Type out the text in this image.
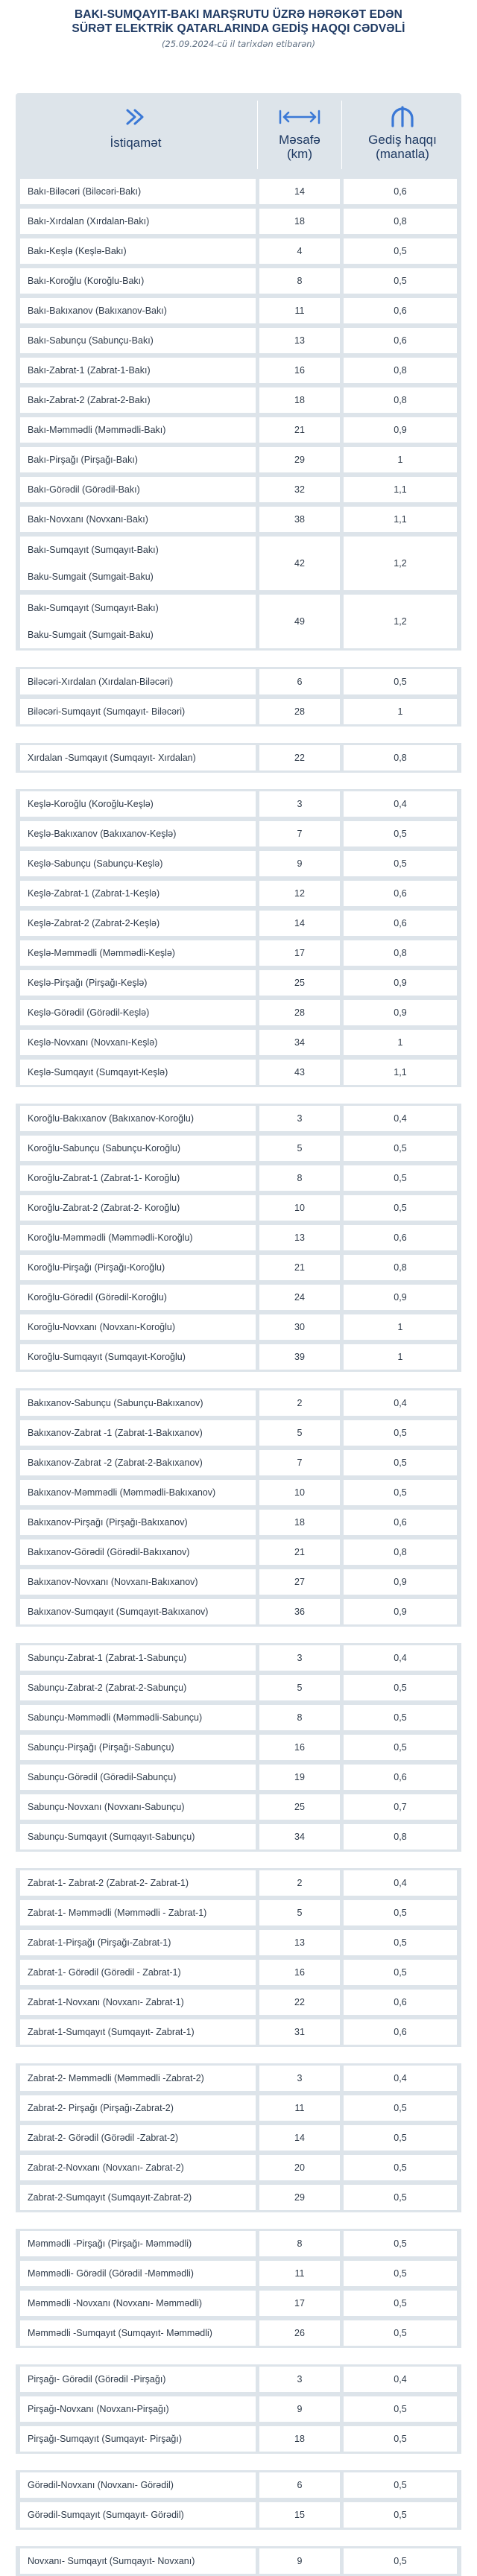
BAKI-SUMQAYIT-BAKI MARŞRUTU ÜZRƏ HƏRƏKƏT EDƏN
SÜRƏT ELEKTRİK QATARLARINDA GEDİŞ HAQQI CƏDVƏLİ
(25.09.2024-cü il tarixdən etibarən)
İstiqamət	Məsafə
(km)
Gediş haqqı
(manatla)
Bakı-Biləcəri (Biləcəri-Bakı)	14	0,6
Bakı-Xırdalan (Xırdalan-Bakı)	18	0,8
Bakı-Keşlə (Keşlə-Bakı)	4	0,5
Bakı-Koroğlu (Koroğlu-Bakı)	8	0,5
Bakı-Bakıxanov (Bakıxanov-Bakı)	11	0,6
Bakı-Sabunçu (Sabunçu-Bakı)	13	0,6
Bakı-Zabrat-1 (Zabrat-1-Bakı)	16	0,8
Bakı-Zabrat-2 (Zabrat-2-Bakı)	18	0,8
Bakı-Məmmədli (Məmmədli-Bakı)	21	0,9
Bakı-Pirşağı (Pirşağı-Bakı)	29	1
Bakı-Görədil (Görədil-Bakı)	32	1,1
Bakı-Novxanı (Novxanı-Bakı)	38	1,1
Bakı-Sumqayıt (Sumqayıt-Bakı)
Baku-Sumgait (Sumgait-Baku)
42	1,2
Bakı-Sumqayıt (Sumqayıt-Bakı)
Baku-Sumgait (Sumgait-Baku)
49	1,2
Biləcəri-Xırdalan (Xırdalan-Biləcəri)	6	0,5
Biləcəri-Sumqayıt (Sumqayıt- Biləcəri)	28	1
Xırdalan -Sumqayıt (Sumqayıt- Xırdalan)	22	0,8
Keşlə-Koroğlu (Koroğlu-Keşlə)	3	0,4
Keşlə-Bakıxanov (Bakıxanov-Keşlə)	7	0,5
Keşlə-Sabunçu (Sabunçu-Keşlə)	9	0,5
Keşlə-Zabrat-1 (Zabrat-1-Keşlə)	12	0,6
Keşlə-Zabrat-2 (Zabrat-2-Keşlə)	14	0,6
Keşlə-Məmmədli (Məmmədli-Keşlə)	17	0,8
Keşlə-Pirşağı (Pirşağı-Keşlə)	25	0,9
Keşlə-Görədil (Görədil-Keşlə)	28	0,9
Keşlə-Novxanı (Novxanı-Keşlə)	34	1
Keşlə-Sumqayıt (Sumqayıt-Keşlə)	43	1,1
Koroğlu-Bakıxanov (Bakıxanov-Koroğlu)	3	0,4
Koroğlu-Sabunçu (Sabunçu-Koroğlu)	5	0,5
Koroğlu-Zabrat-1 (Zabrat-1- Koroğlu)	8	0,5
Koroğlu-Zabrat-2 (Zabrat-2- Koroğlu)	10	0,5
Koroğlu-Məmmədli (Məmmədli-Koroğlu)	13	0,6
Koroğlu-Pirşağı (Pirşağı-Koroğlu)	21	0,8
Koroğlu-Görədil (Görədil-Koroğlu)	24	0,9
Koroğlu-Novxanı (Novxanı-Koroğlu)	30	1
Koroğlu-Sumqayıt (Sumqayıt-Koroğlu)	39	1
Bakıxanov-Sabunçu (Sabunçu-Bakıxanov)	2	0,4
Bakıxanov-Zabrat -1 (Zabrat-1-Bakıxanov)	5	0,5
Bakıxanov-Zabrat -2 (Zabrat-2-Bakıxanov)	7	0,5
Bakıxanov-Məmmədli (Məmmədli-Bakıxanov)	10	0,5
Bakıxanov-Pirşağı (Pirşağı-Bakıxanov)	18	0,6
Bakıxanov-Görədil (Görədil-Bakıxanov)	21	0,8
Bakıxanov-Novxanı (Novxanı-Bakıxanov)	27	0,9
Bakıxanov-Sumqayıt (Sumqayıt-Bakıxanov)	36	0,9
Sabunçu-Zabrat-1 (Zabrat-1-Sabunçu)	3	0,4
Sabunçu-Zabrat-2 (Zabrat-2-Sabunçu)	5	0,5
Sabunçu-Məmmədli (Məmmədli-Sabunçu)	8	0,5
Sabunçu-Pirşağı (Pirşağı-Sabunçu)	16	0,5
Sabunçu-Görədil (Görədil-Sabunçu)	19	0,6
Sabunçu-Novxanı (Novxanı-Sabunçu)	25	0,7
Sabunçu-Sumqayıt (Sumqayıt-Sabunçu)	34	0,8
Zabrat-1- Zabrat-2 (Zabrat-2- Zabrat-1)	2	0,4
Zabrat-1- Məmmədli (Məmmədli - Zabrat-1)	5	0,5
Zabrat-1-Pirşağı (Pirşağı-Zabrat-1)	13	0,5
Zabrat-1- Görədil (Görədil - Zabrat-1)	16	0,5
Zabrat-1-Novxanı (Novxanı- Zabrat-1)	22	0,6
Zabrat-1-Sumqayıt (Sumqayıt- Zabrat-1)	31	0,6
Zabrat-2- Məmmədli (Məmmədli -Zabrat-2)	3	0,4
Zabrat-2- Pirşağı (Pirşağı-Zabrat-2)	11	0,5
Zabrat-2- Görədil (Görədil -Zabrat-2)	14	0,5
Zabrat-2-Novxanı (Novxanı- Zabrat-2)	20	0,5
Zabrat-2-Sumqayıt (Sumqayıt-Zabrat-2)	29	0,5
Məmmədli -Pirşağı (Pirşağı- Məmmədli)	8	0,5
Məmmədli- Görədil (Görədil -Məmmədli)	11	0,5
Məmmədli -Novxanı (Novxanı- Məmmədli)	17	0,5
Məmmədli -Sumqayıt (Sumqayıt- Məmmədli)	26	0,5
Pirşağı- Görədil (Görədil -Pirşağı)	3	0,4
Pirşağı-Novxanı (Novxanı-Pirşağı)	9	0,5
Pirşağı-Sumqayıt (Sumqayıt- Pirşağı)	18	0,5
Görədil-Novxanı (Novxanı- Görədil)	6	0,5
Görədil-Sumqayıt (Sumqayıt- Görədil)	15	0,5
Novxanı- Sumqayıt (Sumqayıt- Novxanı)	9	0,5
